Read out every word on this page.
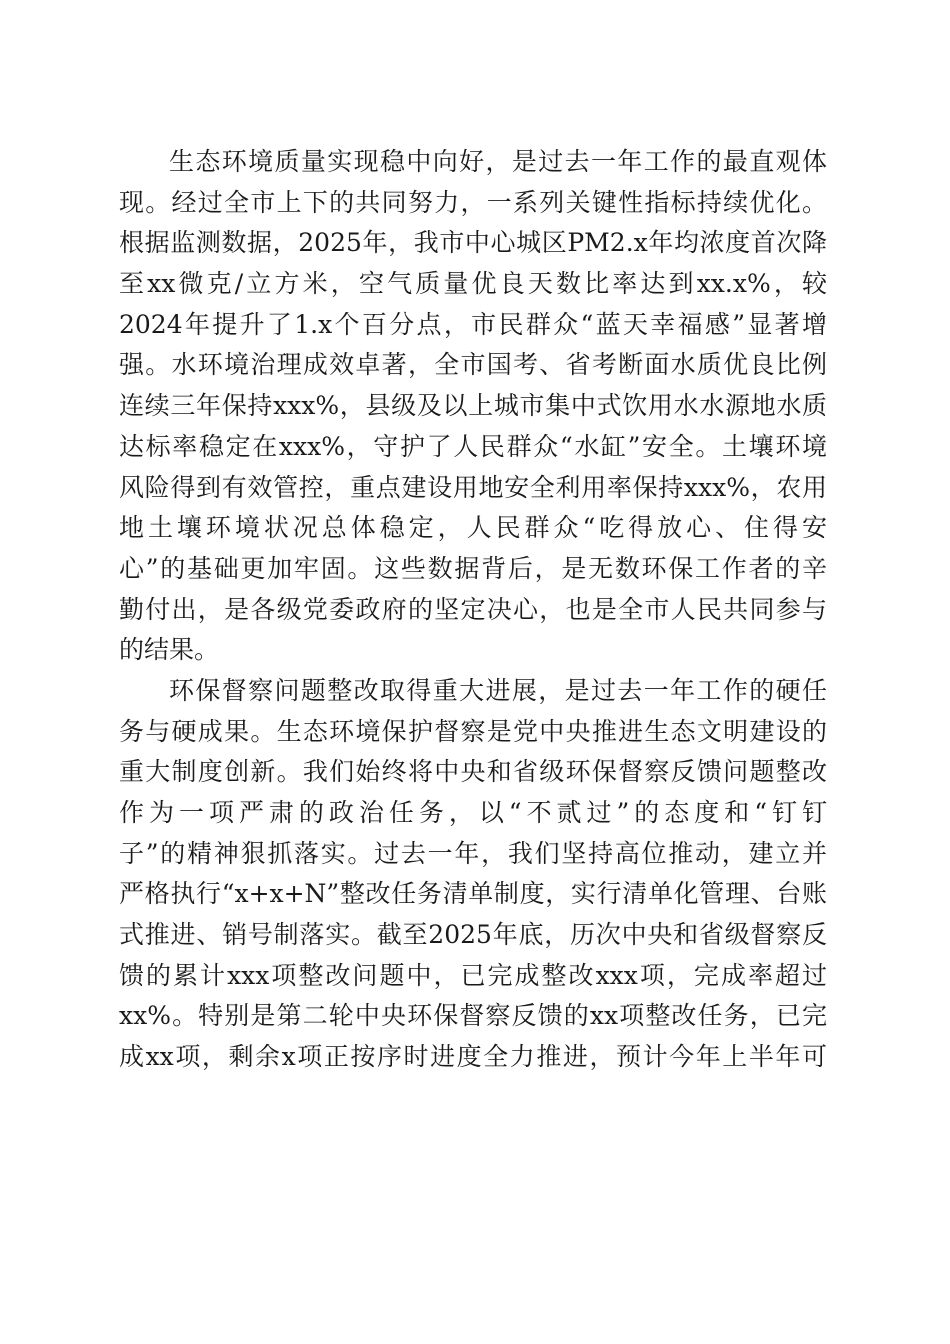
生态环境质量实现稳中向好，是过去一年工作的最直观体
现。经过全市上下的共同努力，一系列关键性指标持续优化。
根据监测数据，2025年，我市中心城区PM2.x年均浓度首次降
至xx微克/立方米，空气质量优良天数比率达到xx.x%，较
2024年提升了1.x个百分点，市民群众“蓝天幸福感”显著增
强。水环境治理成效卓著，全市国考、省考断面水质优良比例
连续三年保持xxx%，县级及以上城市集中式饮用水水源地水质
达标率稳定在xxx%，守护了人民群众“水缸”安全。土壤环境
风险得到有效管控，重点建设用地安全利用率保持xxx%，农用
地土壤环境状况总体稳定，人民群众“吃得放心、住得安
心”的基础更加牢固。这些数据背后，是无数环保工作者的辛
勤付出，是各级党委政府的坚定决心，也是全市人民共同参与
的结果。
环保督察问题整改取得重大进展，是过去一年工作的硬任
务与硬成果。生态环境保护督察是党中央推进生态文明建设的
重大制度创新。我们始终将中央和省级环保督察反馈问题整改
作为一项严肃的政治任务，以“不贰过”的态度和“钉钉
子”的精神狠抓落实。过去一年，我们坚持高位推动，建立并
严格执行“x+x+N”整改任务清单制度，实行清单化管理、台账
式推进、销号制落实。截至2025年底，历次中央和省级督察反
馈的累计xxx项整改问题中，已完成整改xxx项，完成率超过
xx%。特别是第二轮中央环保督察反馈的xx项整改任务，已完
成xx项，剩余x项正按序时进度全力推进，预计今年上半年可
